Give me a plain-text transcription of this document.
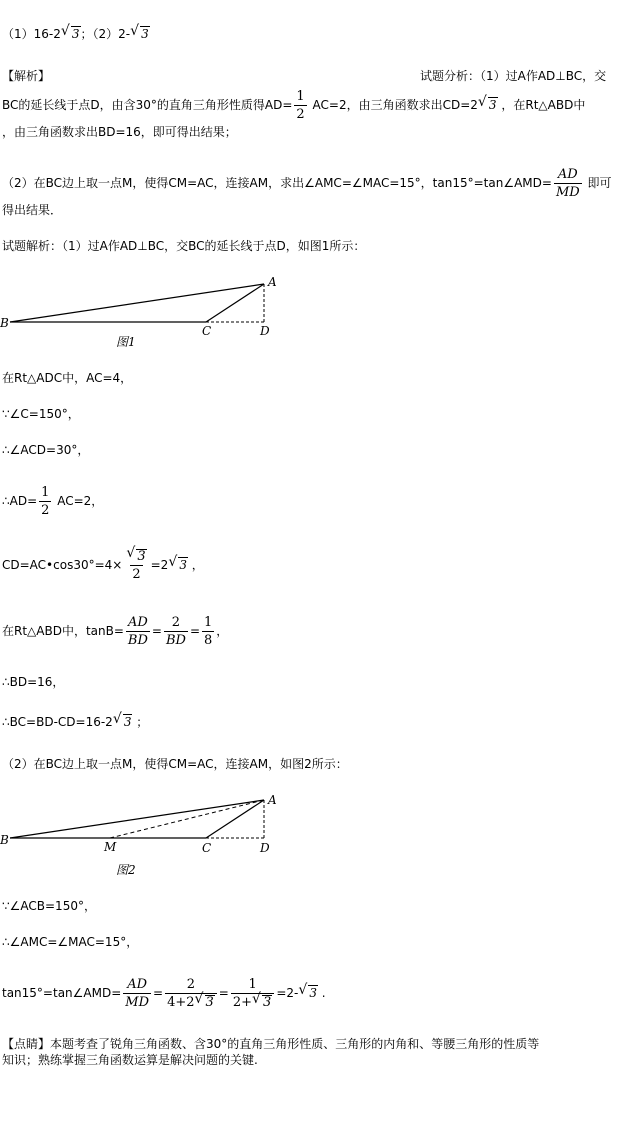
（1）16-2√ 3；（2）2-√ 3
【解析】	试题分析：（1）过A作AD⊥BC，交
BC的延长线于点D，由含30°的直角三角形性质得$AD= \frac{1}{2} AC=2$，由三角函数求出CD=2√ 3 ，在Rt△ABD中
，由三角函数求出BD=16，即可得出结果；
（2）在BC边上取一点M，使得CM=AC，连接AM，求出∠AMC=∠MAC=15°，tan15°=tan∠AMD= $\frac{AD}{MD}$ 即可
得出结果．
试题解析：（1）过A作AD⊥BC，交BC的延长线于点D，如图1所示：
A
B
C	D
图1
在Rt△ADC中，AC=4，
∵∠C=150°，
∴∠ACD=30°，
∴AD= $\frac{1}{2} AC=2$，
CD=AC•cos30°=4×
√ $\frac{3}{2} =2√$ 3 ，
在Rt△ABD中，$\tan B= \frac{AD}{BD} = \frac{2}{BD} = \frac{1}{8}$ ，
∴BD=16，
∴BC=BD-CD=16-2√ 3 ；
（2）在BC边上取一点M，使得CM=AC，连接AM，如图2所示：
A
B	M	C	D
图2
∵∠ACB=150°，
∴∠AMC=∠MAC=15°，
tan15°=tan∠AMD= $\frac{AD}{MD} = \frac{2}{4+2√ 3} = \frac{1}{2+√ 3} =2-√$ 3 .
【点睛】本题考查了锐角三角函数、含30°的直角三角形性质、三角形的内角和、等腰三角形的性质等
知识；熟练掌握三角函数运算是解决问题的关键.
